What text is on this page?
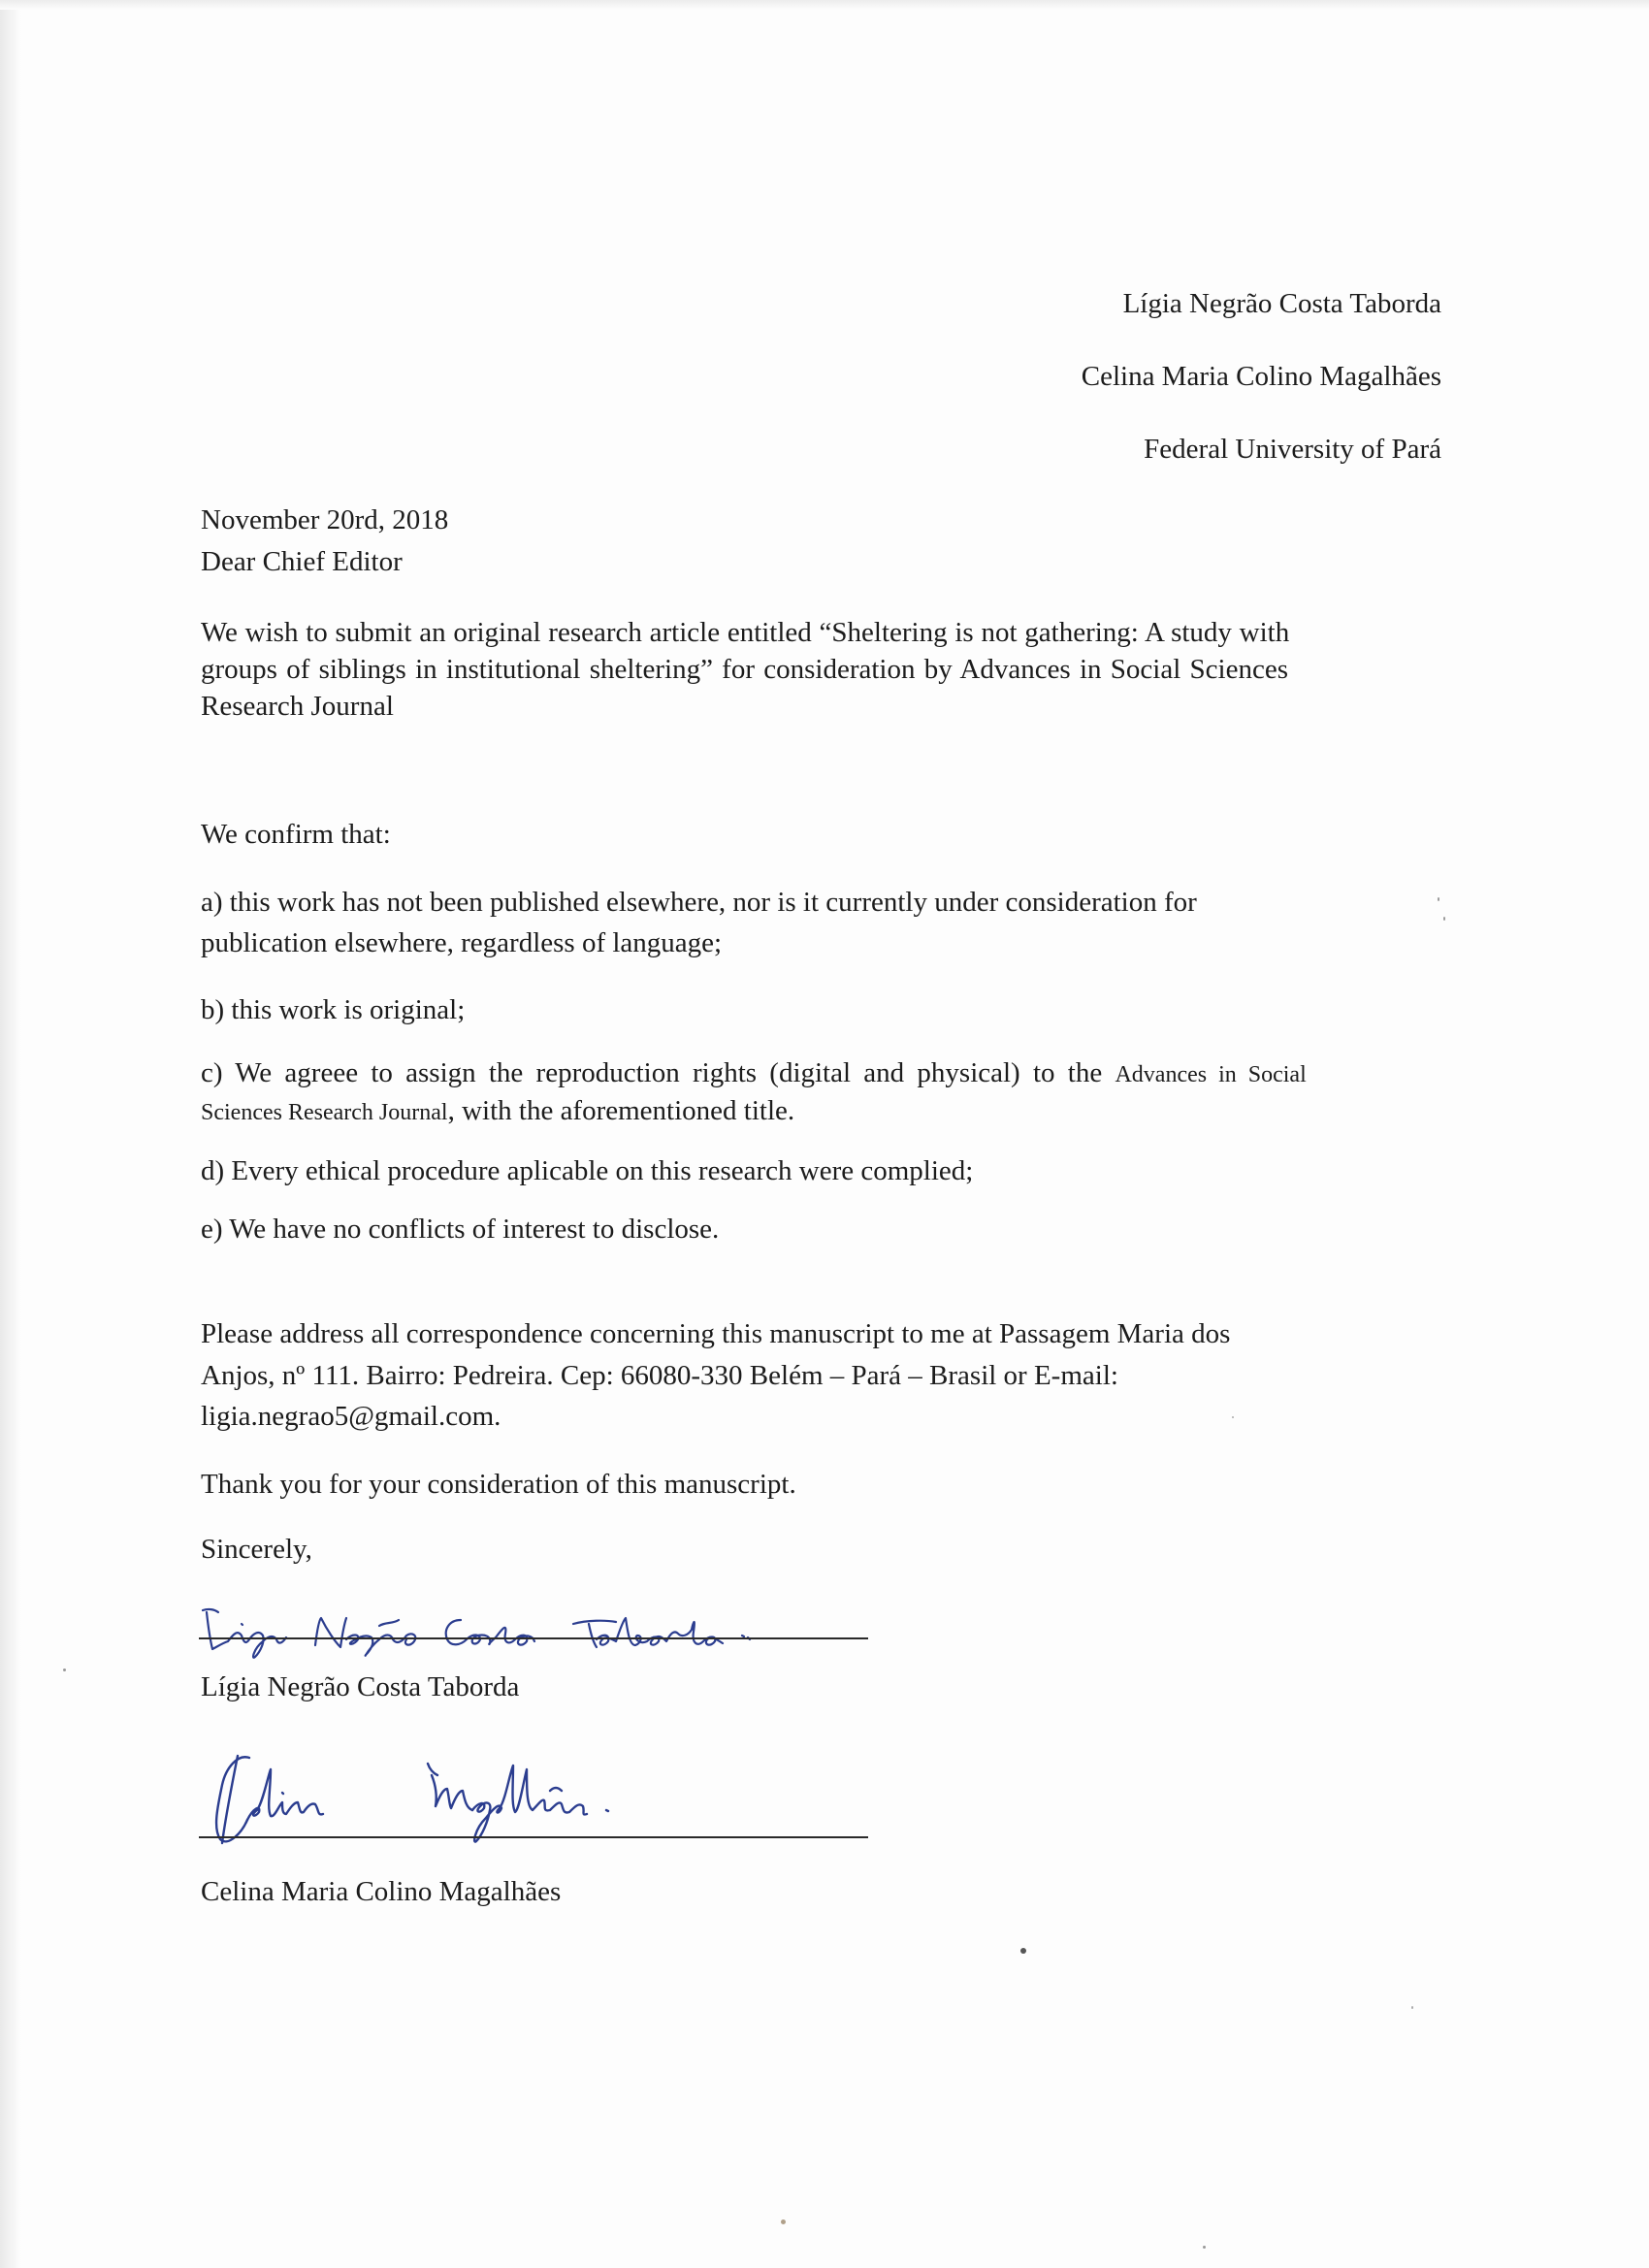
Lígia Negrão Costa Taborda
Celina Maria Colino Magalhães
Federal University of Pará
November 20rd, 2018
Dear Chief Editor
We wish to submit an original research article entitled “Sheltering is not gathering: A study with
groups of siblings in institutional sheltering” for consideration by Advances in Social Sciences
Research Journal
We confirm that:
a) this work has not been published elsewhere, nor is it currently under consideration for
publication elsewhere, regardless of language;
b) this work is original;
c) We agreee to assign the reproduction rights (digital and physical) to the Advances in Social
Sciences Research Journal, with the aforementioned title.
d) Every ethical procedure aplicable on this research were complied;
e) We have no conflicts of interest to disclose.
Please address all correspondence concerning this manuscript to me at Passagem Maria dos
Anjos, nº 111. Bairro: Pedreira. Cep: 66080-330 Belém – Pará – Brasil or E-mail:
ligia.negrao5@gmail.com.
Thank you for your consideration of this manuscript.
Sincerely,
Lígia Negrão Costa Taborda
Celina Maria Colino Magalhães
